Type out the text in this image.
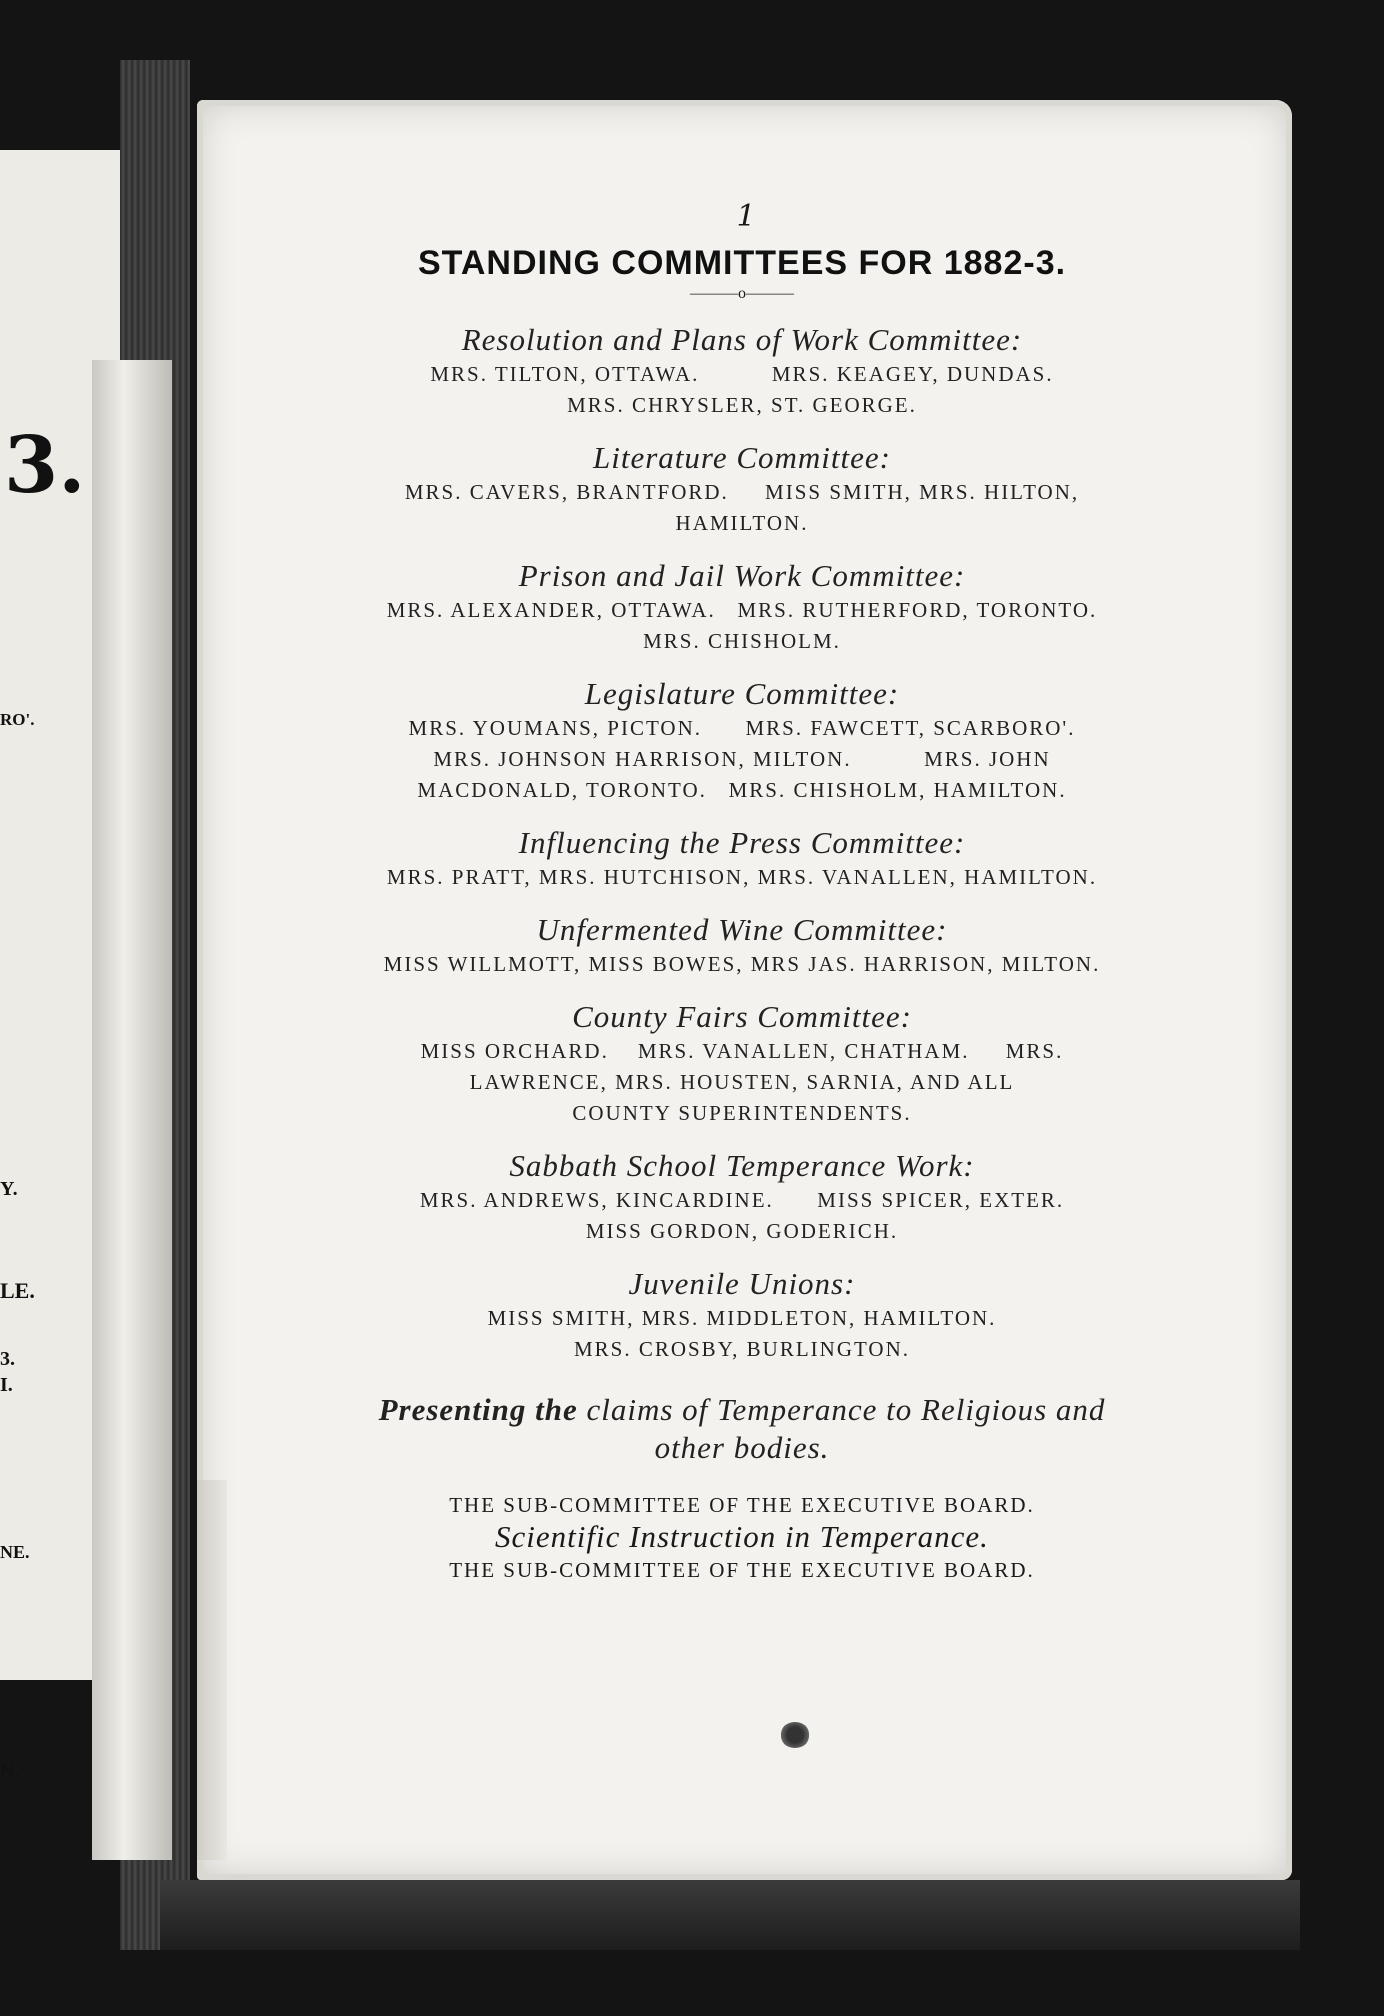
3.
RO'.
Y.
LE.
3.
I.
NE.
N.
1
STANDING COMMITTEES FOR 1882-3.
———o———
Resolution and Plans of Work Committee:
MRS. TILTON, OTTAWA.          MRS. KEAGEY, DUNDAS.
MRS. CHRYSLER, ST. GEORGE.
Literature Committee:
MRS. CAVERS, BRANTFORD.     MISS SMITH, MRS. HILTON,
HAMILTON.
Prison and Jail Work Committee:
MRS. ALEXANDER, OTTAWA.   MRS. RUTHERFORD, TORONTO.
MRS. CHISHOLM.
Legislature Committee:
MRS. YOUMANS, PICTON.      MRS. FAWCETT, SCARBORO'.
MRS. JOHNSON HARRISON, MILTON.          MRS. JOHN
MACDONALD, TORONTO.   MRS. CHISHOLM, HAMILTON.
Influencing the Press Committee:
MRS. PRATT, MRS. HUTCHISON, MRS. VANALLEN, HAMILTON.
Unfermented Wine Committee:
MISS WILLMOTT, MISS BOWES, MRS JAS. HARRISON, MILTON.
County Fairs Committee:
MISS ORCHARD.    MRS. VANALLEN, CHATHAM.     MRS.
LAWRENCE, MRS. HOUSTEN, SARNIA, AND ALL
COUNTY SUPERINTENDENTS.
Sabbath School Temperance Work:
MRS. ANDREWS, KINCARDINE.      MISS SPICER, EXTER.
MISS GORDON, GODERICH.
Juvenile Unions:
MISS SMITH, MRS. MIDDLETON, HAMILTON.
MRS. CROSBY, BURLINGTON.
Presenting the claims of Temperance to Religious and
other bodies.
THE SUB-COMMITTEE OF THE EXECUTIVE BOARD.
Scientific Instruction in Temperance.
THE SUB-COMMITTEE OF THE EXECUTIVE BOARD.
